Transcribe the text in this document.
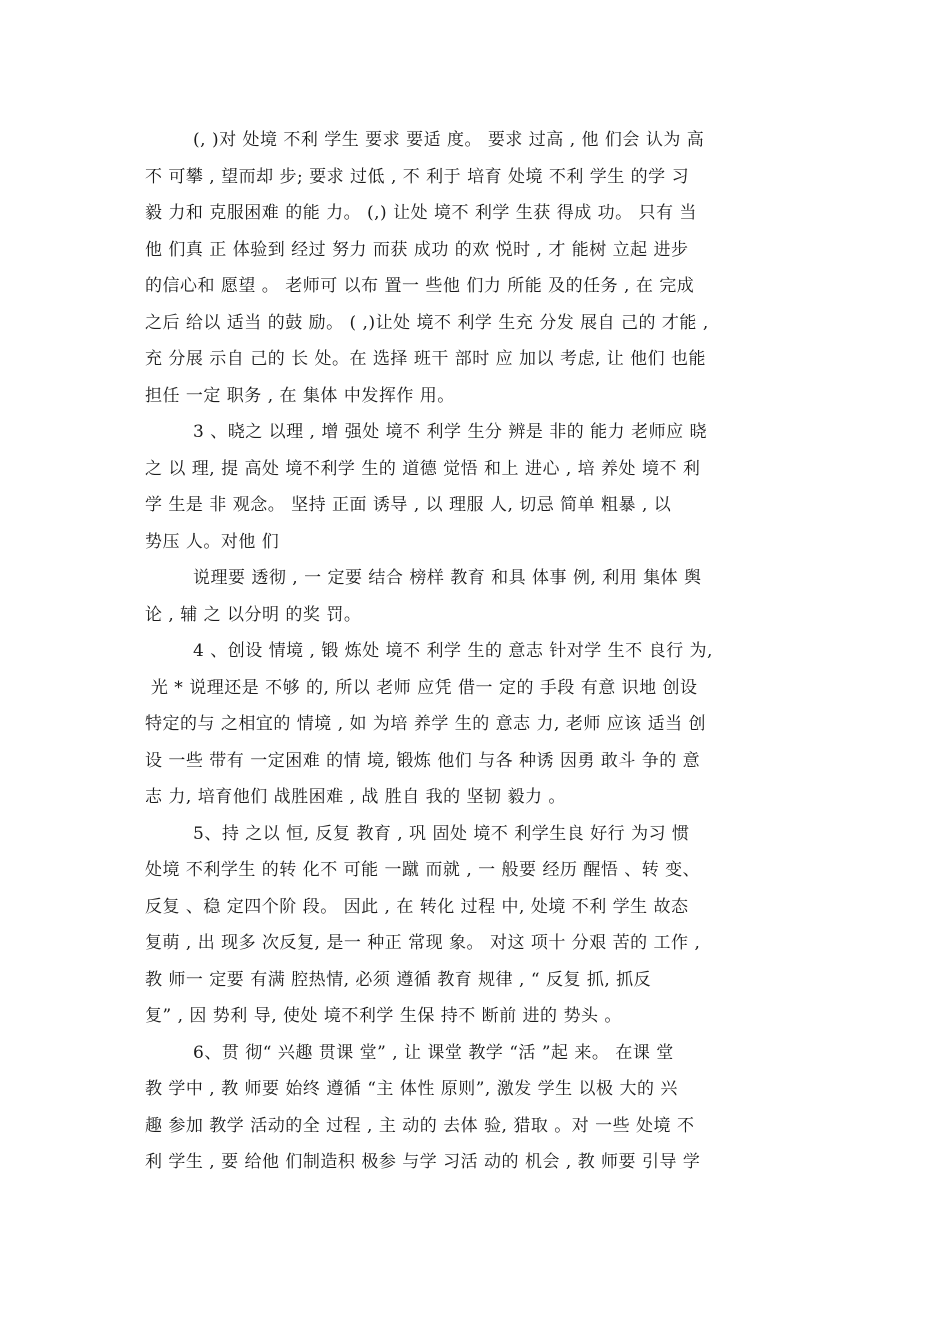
(, )对 处境 不利 学生 要求 要适 度。 要求 过高 , 他 们会 认为 高
不 可攀 , 望而却 步; 要求 过低 , 不 利于 培育 处境 不利 学生 的学 习
毅 力和 克服困难 的能 力。 (,) 让处 境不 利学 生获 得成 功。 只有 当
他 们真 正 体验到 经过 努力 而获 成功 的欢 悦时 , 才 能树 立起 进步
的信心和 愿望 。 老师可 以布 置一 些他 们力 所能 及的任务 , 在 完成
之后 给以 适当 的鼓 励。 ( ,)让处 境不 利学 生充 分发 展自 己的 才能 ,
充 分展 示自 己的 长 处。在 选择 班干 部时 应 加以 考虑, 让 他们 也能
担任 一定 职务 , 在 集体 中发挥作 用。
3 、晓之 以理 , 增 强处 境不 利学 生分 辨是 非的 能力 老师应 晓
之 以 理, 提 高处 境不利学 生的 道德 觉悟 和上 进心 , 培 养处 境不 利
学 生是 非 观念。 坚持 正面 诱导 , 以 理服 人, 切忌 简单 粗暴 , 以
势压 人。对他 们
说理要 透彻 , 一 定要 结合 榜样 教育 和具 体事 例, 利用 集体 舆
论 , 辅 之 以分明 的奖 罚。
4 、创设 情境 , 锻 炼处 境不 利学 生的 意志 针对学 生不 良行 为,
光 * 说理还是 不够 的, 所以 老师 应凭 借一 定的 手段 有意 识地 创设
特定的与 之相宜的 情境 , 如 为培 养学 生的 意志 力, 老师 应该 适当 创
设 一些 带有 一定困难 的情 境, 锻炼 他们 与各 种诱 因勇 敢斗 争的 意
志 力, 培育他们 战胜困难 , 战 胜自 我的 坚韧 毅力 。
5、持 之以 恒, 反复 教育 , 巩 固处 境不 利学生良 好行 为习 惯
处境 不利学生 的转 化不 可能 一蹴 而就 , 一 般要 经历 醒悟 、转 变、
反复 、稳 定四个阶 段。 因此 , 在 转化 过程 中, 处境 不利 学生 故态
复萌 , 出 现多 次反复, 是一 种正 常现 象。 对这 项十 分艰 苦的 工作 ,
教 师一 定要 有满 腔热情, 必须 遵循 教育 规律 , “ 反复 抓, 抓反
复” , 因 势利 导, 使处 境不利学 生保 持不 断前 进的 势头 。
6、贯 彻“ 兴趣 贯课 堂” , 让 课堂 教学 “活 ”起 来。 在课 堂
教 学中 , 教 师要 始终 遵循 “主 体性 原则”, 激发 学生 以极 大的 兴
趣 参加 教学 活动的全 过程 , 主 动的 去体 验, 猎取 。对 一些 处境 不
利 学生 , 要 给他 们制造积 极参 与学 习活 动的 机会 , 教 师要 引导 学
